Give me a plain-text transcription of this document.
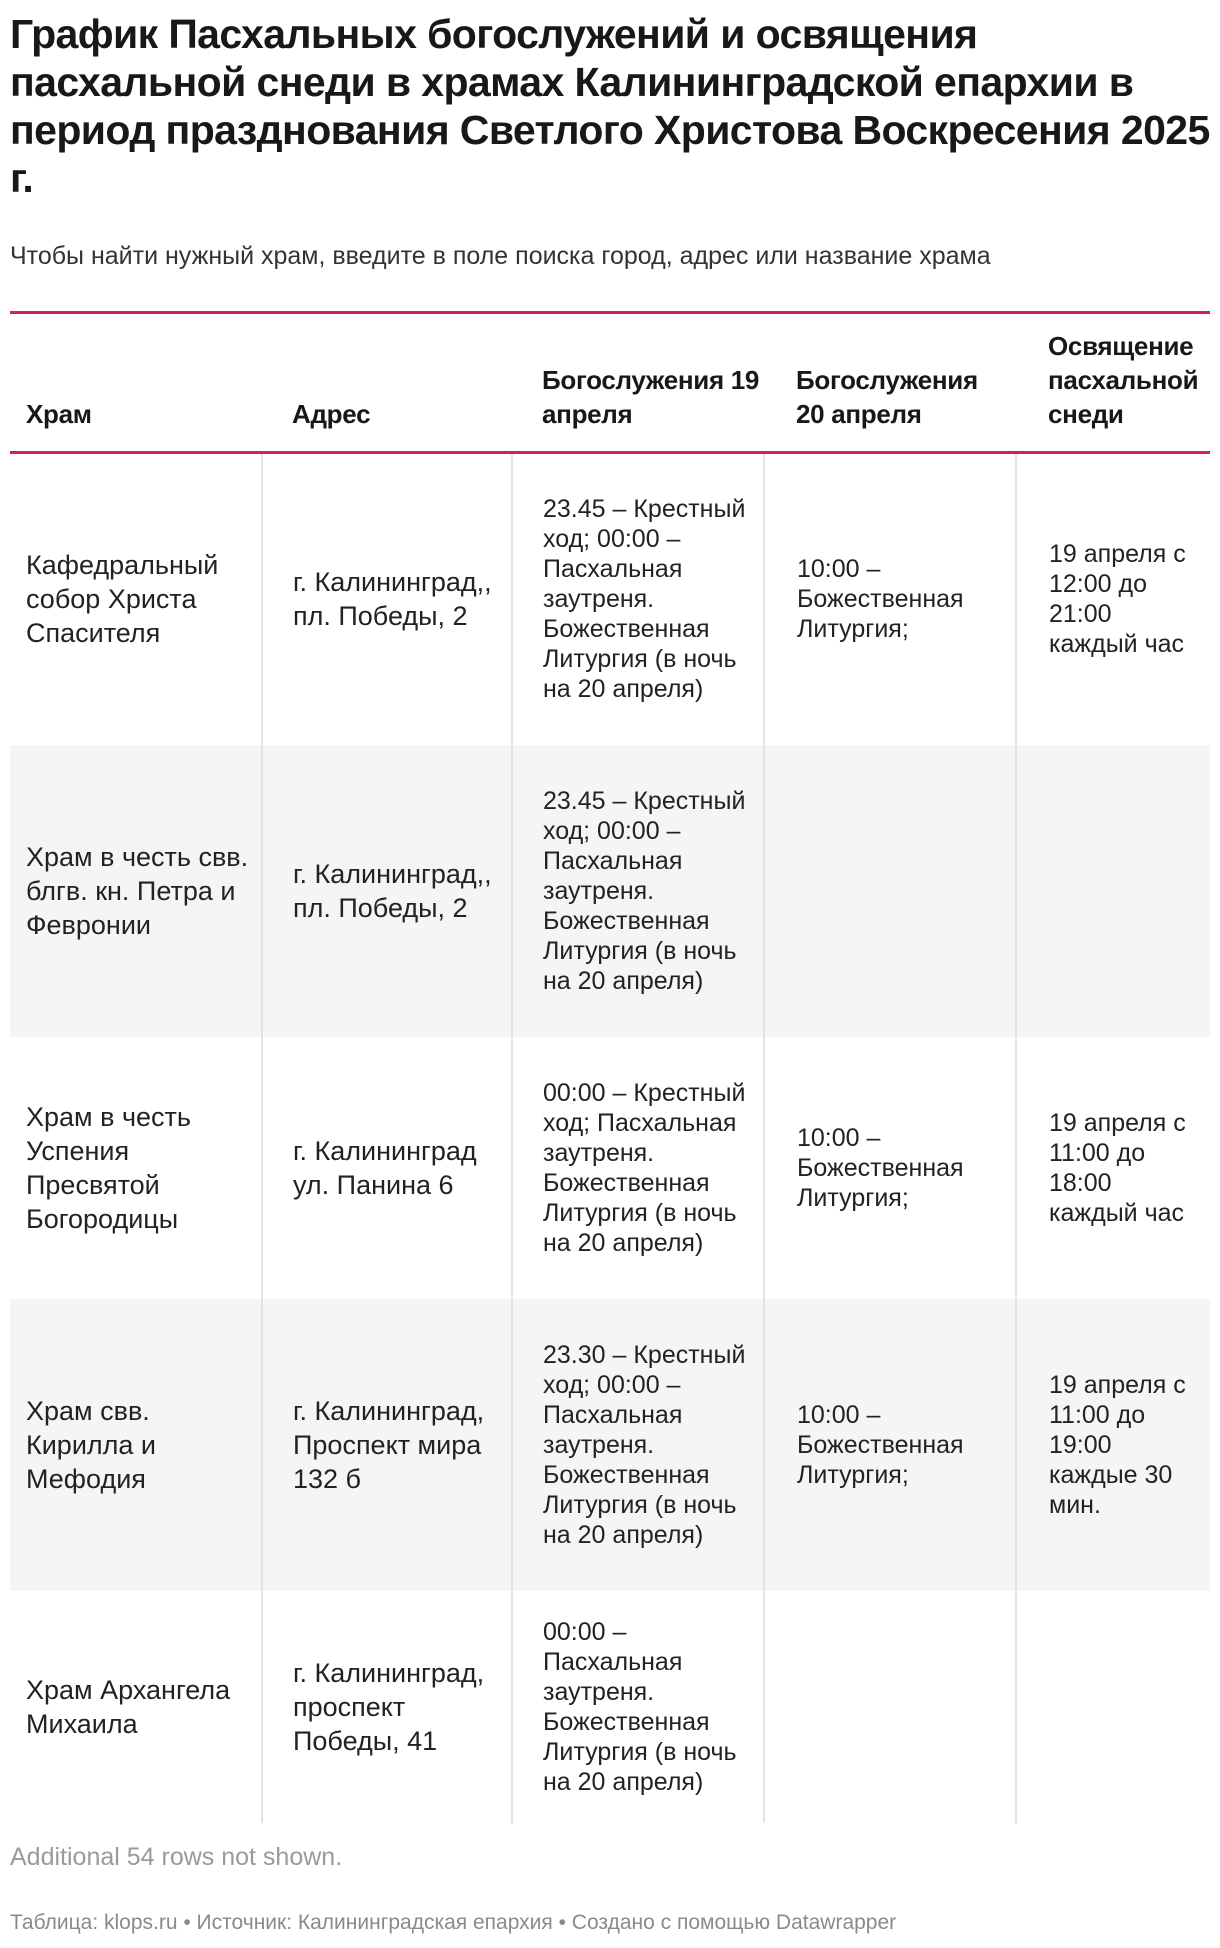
График Пасхальных богослужений и освящения пасхальной снеди в храмах Калининградской епархии в период празднования Светлого Христова Воскресения 2025 г.

Чтобы найти нужный храм, введите в поле поиска город, адрес или название храма

Храм	Адрес	Богослужения 19 апреля	Богослужения 20 апреля	Освящение пасхальной снеди
Кафедральный собор Христа Спасителя	г. Калининград,, пл. Победы, 2	23.45 – Крестный ход; 00:00 – Пасхальная заутреня. Божественная Литургия (в ночь на 20 апреля)	10:00 – Божественная Литургия;	19 апреля с 12:00 до 21:00 каждый час
Храм в честь свв. блгв. кн. Петра и Февронии	г. Калининград,, пл. Победы, 2	23.45 – Крестный ход; 00:00 – Пасхальная заутреня. Божественная Литургия (в ночь на 20 апреля)		
Храм в честь Успения Пресвятой Богородицы	г. Калининград ул. Панина 6	00:00 – Крестный ход; Пасхальная заутреня. Божественная Литургия (в ночь на 20 апреля)	10:00 – Божественная Литургия;	19 апреля с 11:00 до 18:00 каждый час
Храм свв. Кирилла и Мефодия	г. Калининград, Проспект мира 132 б	23.30 – Крестный ход; 00:00 – Пасхальная заутреня. Божественная Литургия (в ночь на 20 апреля)	10:00 – Божественная Литургия;	19 апреля с 11:00 до 19:00 каждые 30 мин.
Храм Архангела Михаила	г. Калининград, проспект Победы, 41	00:00 – Пасхальная заутреня. Божественная Литургия (в ночь на 20 апреля)		

Additional 54 rows not shown.

Таблица: klops.ru • Источник: Калининградская епархия • Создано с помощью Datawrapper
